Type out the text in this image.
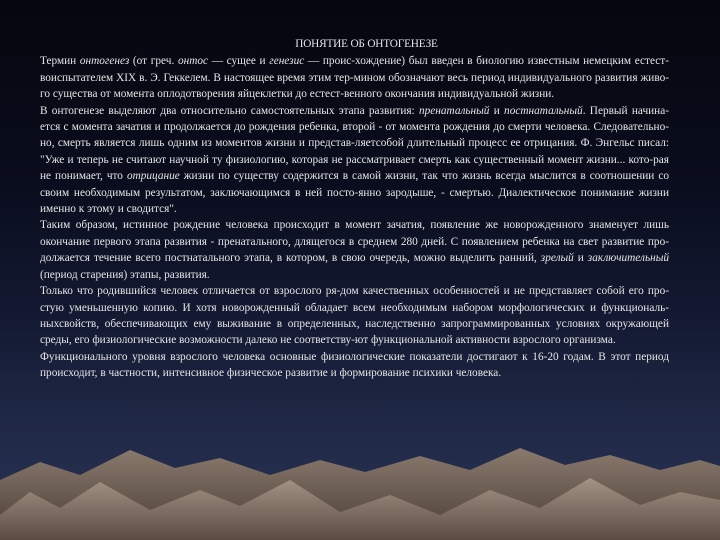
ПОНЯТИЕ ОБ ОНТОГЕНЕЗЕ

Термин онтогенез (от греч. онтос — сущее и генезис — проис-хождение) был введен в биологию известным немецким естест-воиспытателем XIX в. Э. Геккелем. В настоящее время этим тер-мином обозначают весь период индивидуального развития живо-го существа от момента оплодотворения яйцеклетки до естест-венного окончания индивидуальной жизни.

В онтогенезе выделяют два относительно самостоятельных этапа развития: пренатальный и постнатальный. Первый начина-ется с момента зачатия и продолжается до рождения ребенка, второй - от момента рождения до смерти человека. Следовательно-но, смерть является лишь одним из моментов жизни и представ-ляетсобой длительный процесс ее отрицания. Ф. Энгельс писал: "Уже и теперь не считают научной ту физиологию, которая не рассматривает смерть как существенный момент жизни... кото-рая не понимает, что отрицание жизни по существу содержится в самой жизни, так что жизнь всегда мыслится в соотношении со своим необходимым результатом, заключающимся в ней посто-янно зародыше, - смертью. Диалектическое понимание жизни именно к этому и сводится".

Таким образом, истинное рождение человека происходит в момент зачатия, появление же новорожденного знаменует лишь окончание первого этапа развития - пренатального, длящегося в среднем 280 дней. С появлением ребенка на свет развитие про-должается течение всего постнатального этапа, в котором, в свою очередь, можно выделить ранний, зрелый и заключительный (период старения) этапы, развития.

Только что родившийся человек отличается от взрослого ря-дом качественных особенностей и не представляет собой его про-стую уменьшенную копию. И хотя новорожденный обладает всем необходимым набором морфологических и функциональ-ныхсвойств, обеспечивающих ему выживание в определенных, наследственно запрограммированных условиях окружающей среды, его физиологические возможности далеко не соответству-ют функциональной активности взрослого организма.

Функционального уровня взрослого человека основные физиологические показатели достигают к 16-20 годам. В этот период происходит, в частности, интенсивное физическое развитие и формирование психики человека.
